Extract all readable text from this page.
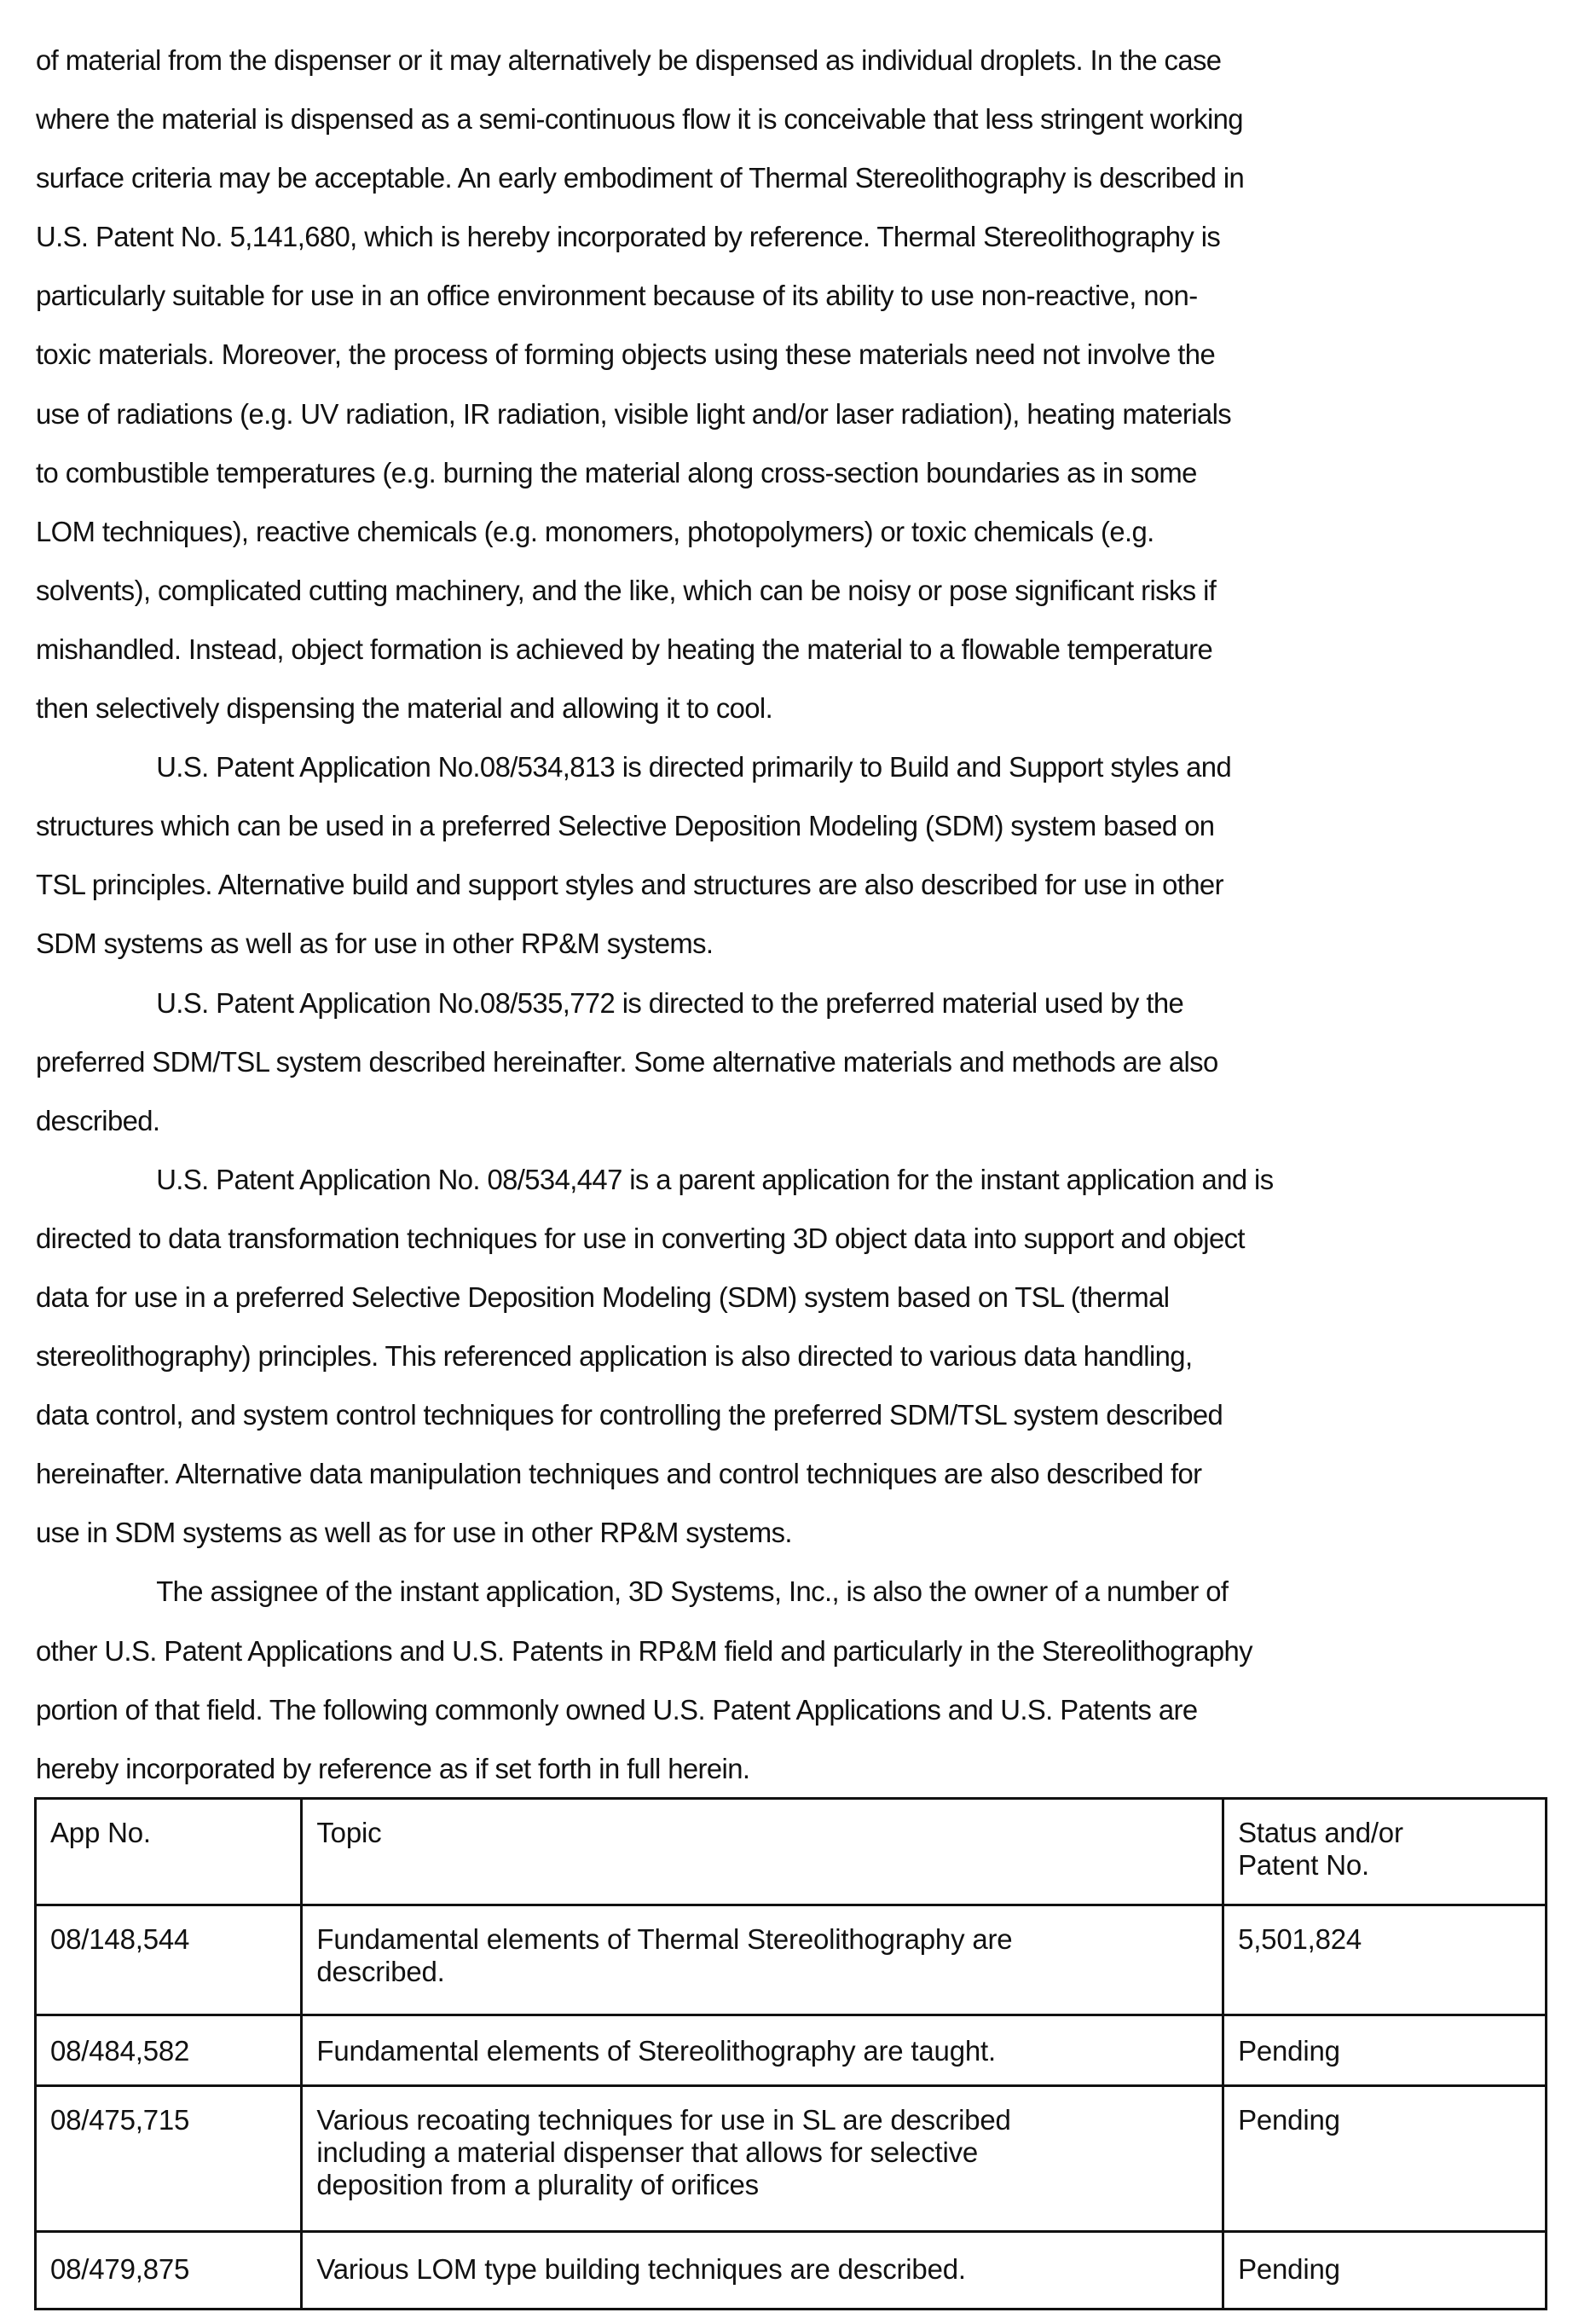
of material from the dispenser or it may alternatively be dispensed as individual droplets. In the case
where the material is dispensed as a semi-continuous flow it is conceivable that less stringent working
surface criteria may be acceptable. An early embodiment of Thermal Stereolithography is described in
U.S. Patent No. 5,141,680, which is hereby incorporated by reference. Thermal Stereolithography is
particularly suitable for use in an office environment because of its ability to use non-reactive, non-
toxic materials. Moreover, the process of forming objects using these materials need not involve the
use of radiations (e.g. UV radiation, IR radiation, visible light and/or laser radiation), heating materials
to combustible temperatures (e.g. burning the material along cross-section boundaries as in some
LOM techniques), reactive chemicals (e.g. monomers, photopolymers) or toxic chemicals (e.g.
solvents), complicated cutting machinery, and the like, which can be noisy or pose significant risks if
mishandled. Instead, object formation is achieved by heating the material to a flowable temperature
then selectively dispensing the material and allowing it to cool.
U.S. Patent Application No.08/534,813 is directed primarily to Build and Support styles and
structures which can be used in a preferred Selective Deposition Modeling (SDM) system based on
TSL principles. Alternative build and support styles and structures are also described for use in other
SDM systems as well as for use in other RP&M systems.
U.S. Patent Application No.08/535,772 is directed to the preferred material used by the
preferred SDM/TSL system described hereinafter. Some alternative materials and methods are also
described.
U.S. Patent Application No. 08/534,447 is a parent application for the instant application and is
directed to data transformation techniques for use in converting 3D object data into support and object
data for use in a preferred Selective Deposition Modeling (SDM) system based on TSL (thermal
stereolithography) principles. This referenced application is also directed to various data handling,
data control, and system control techniques for controlling the preferred SDM/TSL system described
hereinafter. Alternative data manipulation techniques and control techniques are also described for
use in SDM systems as well as for use in other RP&M systems.
The assignee of the instant application, 3D Systems, Inc., is also the owner of a number of
other U.S. Patent Applications and U.S. Patents in RP&M field and particularly in the Stereolithography
portion of that field. The following commonly owned U.S. Patent Applications and U.S. Patents are
hereby incorporated by reference as if set forth in full herein.
App No.	Topic	Status and/or
Patent No.

08/148,544	Fundamental elements of Thermal Stereolithography are
described.	5,501,824
08/484,582	Fundamental elements of Stereolithography are taught.	Pending
08/475,715	Various recoating techniques for use in SL are described
including a material dispenser that allows for selective
deposition from a plurality of orifices	Pending
08/479,875	Various LOM type building techniques are described.	Pending
